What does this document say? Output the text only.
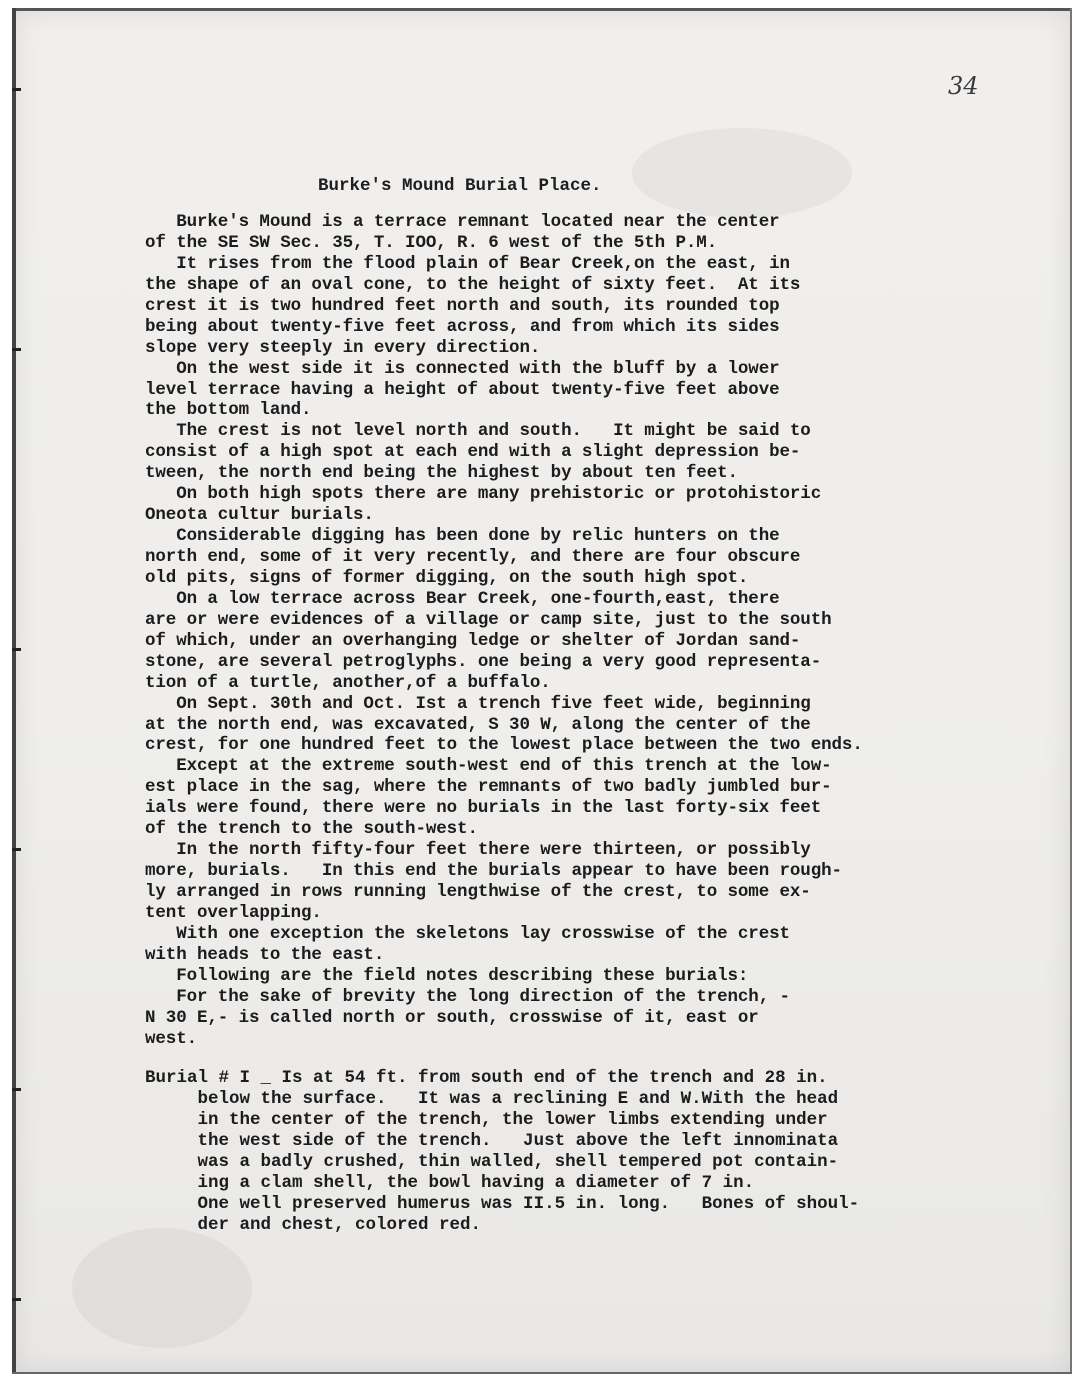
34
Burke's Mound Burial Place.
Burke's Mound is a terrace remnant located near the center
of the SE SW Sec. 35, T. IOO, R. 6 west of the 5th P.M.
It rises from the flood plain of Bear Creek,on the east, in
the shape of an oval cone, to the height of sixty feet.  At its
crest it is two hundred feet north and south, its rounded top
being about twenty-five feet across, and from which its sides
slope very steeply in every direction.
On the west side it is connected with the bluff by a lower
level terrace having a height of about twenty-five feet above
the bottom land.
The crest is not level north and south.   It might be said to
consist of a high spot at each end with a slight depression be-
tween, the north end being the highest by about ten feet.
On both high spots there are many prehistoric or protohistoric
Oneota cultur burials.
Considerable digging has been done by relic hunters on the
north end, some of it very recently, and there are four obscure
old pits, signs of former digging, on the south high spot.
On a low terrace across Bear Creek, one-fourth,east, there
are or were evidences of a village or camp site, just to the south
of which, under an overhanging ledge or shelter of Jordan sand-
stone, are several petroglyphs. one being a very good representa-
tion of a turtle, another,of a buffalo.
On Sept. 30th and Oct. Ist a trench five feet wide, beginning
at the north end, was excavated, S 30 W, along the center of the
crest, for one hundred feet to the lowest place between the two ends.
Except at the extreme south-west end of this trench at the low-
est place in the sag, where the remnants of two badly jumbled bur-
ials were found, there were no burials in the last forty-six feet
of the trench to the south-west.
In the north fifty-four feet there were thirteen, or possibly
more, burials.   In this end the burials appear to have been rough-
ly arranged in rows running lengthwise of the crest, to some ex-
tent overlapping.
With one exception the skeletons lay crosswise of the crest
with heads to the east.
Following are the field notes describing these burials:
For the sake of brevity the long direction of the trench, -
N 30 E,- is called north or south, crosswise of it, east or
west.
Burial # I _ Is at 54 ft. from south end of the trench and 28 in.
below the surface.   It was a reclining E and W.With the head
in the center of the trench, the lower limbs extending under
the west side of the trench.   Just above the left innominata
was a badly crushed, thin walled, shell tempered pot contain-
ing a clam shell, the bowl having a diameter of 7 in.
One well preserved humerus was II.5 in. long.   Bones of shoul-
der and chest, colored red.
